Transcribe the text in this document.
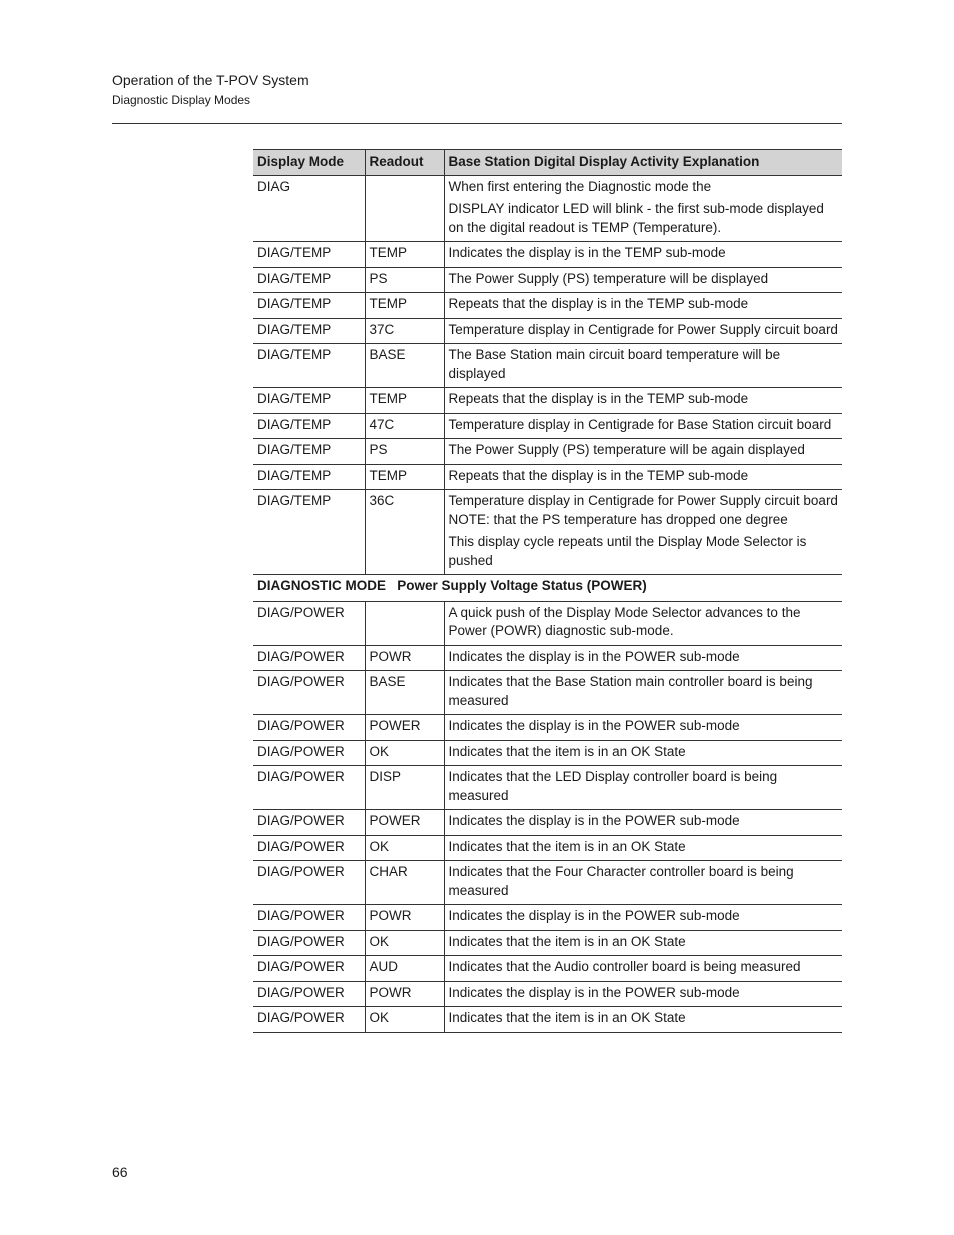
Operation of the T-POV System
Diagnostic Display Modes
Display Mode	Readout	Base Station Digital Display Activity Explanation
DIAG		When first entering the Diagnostic mode the
DISPLAY indicator LED will blink - the first sub-mode displayed on the digital readout is TEMP (Temperature).

DIAG/TEMP	TEMP	Indicates the display is in the TEMP sub-mode

DIAG/TEMP	PS	The Power Supply (PS) temperature will be displayed

DIAG/TEMP	TEMP	Repeats that the display is in the TEMP sub-mode

DIAG/TEMP	37C	Temperature display in Centigrade for Power Supply circuit board

DIAG/TEMP	BASE	The Base Station main circuit board temperature will be displayed

DIAG/TEMP	TEMP	Repeats that the display is in the TEMP sub-mode

DIAG/TEMP	47C	Temperature display in Centigrade for Base Station circuit board

DIAG/TEMP	PS	The Power Supply (PS) temperature will be again displayed

DIAG/TEMP	TEMP	Repeats that the display is in the TEMP sub-mode

DIAG/TEMP	36C	Temperature display in Centigrade for Power Supply circuit board NOTE: that the PS temperature has dropped one degree
This display cycle repeats until the Display Mode Selector is pushed

DIAGNOSTIC MODE   Power Supply Voltage Status (POWER)		
DIAG/POWER		A quick push of the Display Mode Selector advances to the Power (POWR) diagnostic sub-mode.

DIAG/POWER	POWR	Indicates the display is in the POWER sub-mode

DIAG/POWER	BASE	Indicates that the Base Station main controller board is being measured

DIAG/POWER	POWER	Indicates the display is in the POWER sub-mode

DIAG/POWER	OK	Indicates that the item is in an OK State

DIAG/POWER	DISP	Indicates that the LED Display controller board is being measured

DIAG/POWER	POWER	Indicates the display is in the POWER sub-mode

DIAG/POWER	OK	Indicates that the item is in an OK State

DIAG/POWER	CHAR	Indicates that the Four Character controller board is being measured

DIAG/POWER	POWR	Indicates the display is in the POWER sub-mode

DIAG/POWER	OK	Indicates that the item is in an OK State

DIAG/POWER	AUD	Indicates that the Audio controller board is being measured

DIAG/POWER	POWR	Indicates the display is in the POWER sub-mode

DIAG/POWER	OK	Indicates that the item is in an OK State
66
